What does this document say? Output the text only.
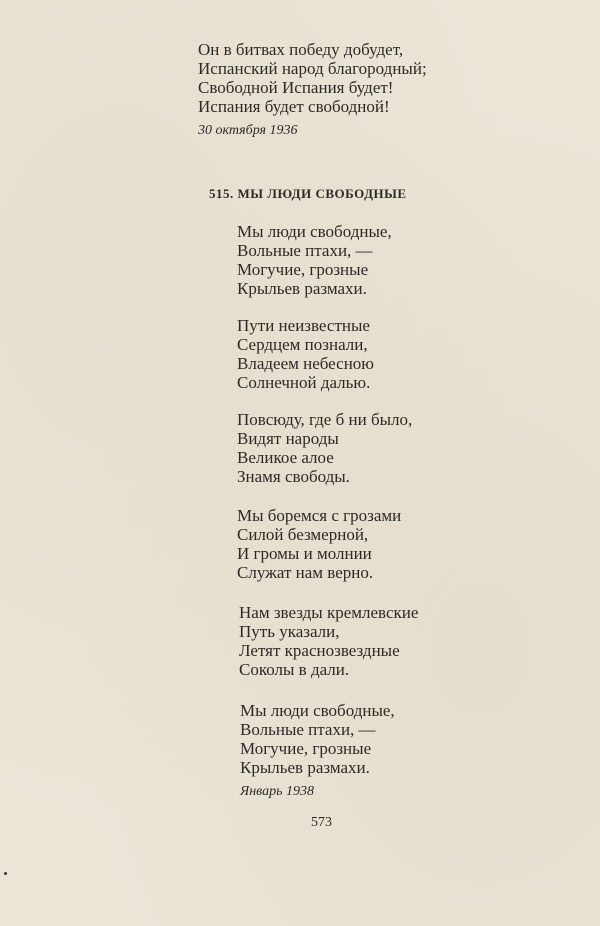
Он в битвах победу добудет,
Испанский народ благородный;
Свободной Испания будет!
Испания будет свободной!
30 октября 1936
515. МЫ ЛЮДИ СВОБОДНЫЕ
Мы люди свободные,
Вольные птахи, —
Могучие, грозные
Крыльев размахи.
Пути неизвестные
Сердцем познали,
Владеем небесною
Солнечной далью.
Повсюду, где б ни было,
Видят народы
Великое алое
Знамя свободы.
Мы боремся с грозами
Силой безмерной,
И громы и молнии
Служат нам верно.
Нам звезды кремлевские
Путь указали,
Летят краснозвездные
Соколы в дали.
Мы люди свободные,
Вольные птахи, —
Могучие, грозные
Крыльев размахи.
Январь 1938
573
